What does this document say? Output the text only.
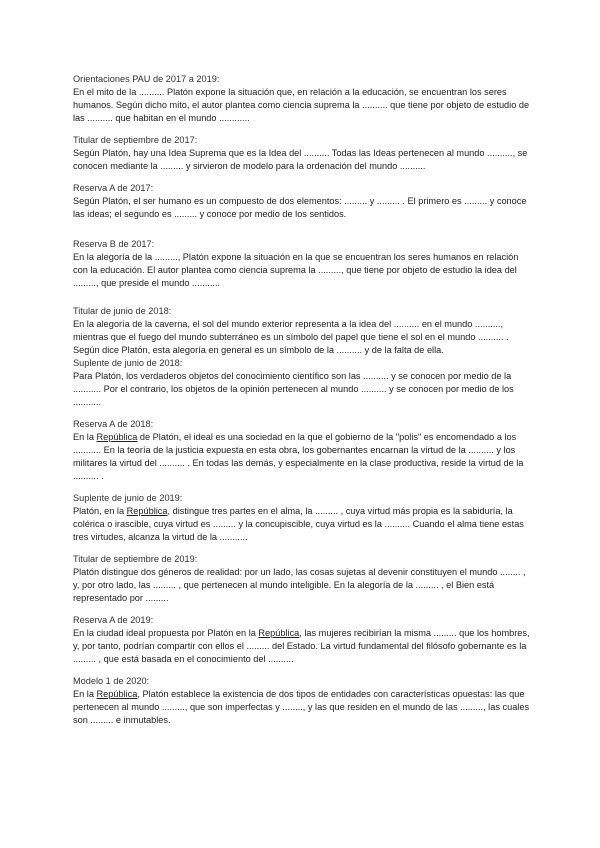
Orientaciones PAU de 2017 a 2019:
En el mito de la .......... Platón expone la situación que, en relación a la educación, se encuentran los seres humanos. Según dicho mito, el autor plantea como ciencia suprema la .......... que tiene por objeto de estudio de las .......... que habitan en el mundo ............
Titular de septiembre de 2017:
Según Platón, hay una Idea Suprema que es la Idea del .......... Todas las Ideas pertenecen al mundo .........., se conocen mediante la ......... y sirvieron de modelo para la ordenación del mundo ..........
Reserva A de 2017:
Según Platón, el ser humano es un compuesto de dos elementos: ......... y ......... . El primero es ......... y conoce las ideas; el segundo es ......... y conoce por medio de los sentidos.
Reserva B de 2017:
En la alegoría de la ........., Platón expone la situación en la que se encuentran los seres humanos en relación con la educación. El autor plantea como ciencia suprema la ........., que tiene por objeto de estudio la idea del ........., que preside el mundo ...........
Titular de junio de 2018:
En la alegoría de la caverna, el sol del mundo exterior representa a la idea del .......... en el mundo .........., mientras que el fuego del mundo subterráneo es un símbolo del papel que tiene el sol en el mundo .......... . Según dice Platón, esta alegoría en general es un símbolo de la .......... y de la falta de ella.
Suplente de junio de 2018:
Para Platón, los verdaderos objetos del conocimiento científico son las .......... y se conocen por medio de la ........... Por el contrario, los objetos de la opinión pertenecen al mundo .......... y se conocen por medio de los ...........
Reserva A de 2018:
En la República de Platón, el ideal es una sociedad en la que el gobierno de la "polis" es encomendado a los ........... En la teoría de la justicia expuesta en esta obra, los gobernantes encarnan la virtud de la .......... y los militares la virtud del .......... . En todas las demás, y especialmente en la clase productiva, reside la virtud de la .......... .
Suplente de junio de 2019:
Platón, en la República, distingue tres partes en el alma, la ......... , cuya virtud más propia es la sabiduría, la colérica o irascible, cuya virtud es ......... y la concupiscible, cuya virtud es la .......... Cuando el alma tiene estas tres virtudes, alcanza la virtud de la ...........
Titular de septiembre de 2019:
Platón distingue dos géneros de realidad: por un lado, las cosas sujetas al devenir constituyen el mundo ........ , y, por otro lado, las ......... , que pertenecen al mundo inteligible. En la alegoría de la ......... , el Bien está representado por .........
Reserva A de 2019:
En la ciudad ideal propuesta por Platón en la República, las mujeres recibirían la misma ......... que los hombres, y, por tanto, podrían compartir con ellos el ......... del Estado. La virtud fundamental del filósofo gobernante es la ......... , que está basada en el conocimiento del ..........
Modelo 1 de 2020:
En la República, Platón establece la existencia de dos tipos de entidades con características opuestas: las que pertenecen al mundo ........., que son imperfectas y ........, y las que residen en el mundo de las ........., las cuales son ......... e inmutables.
